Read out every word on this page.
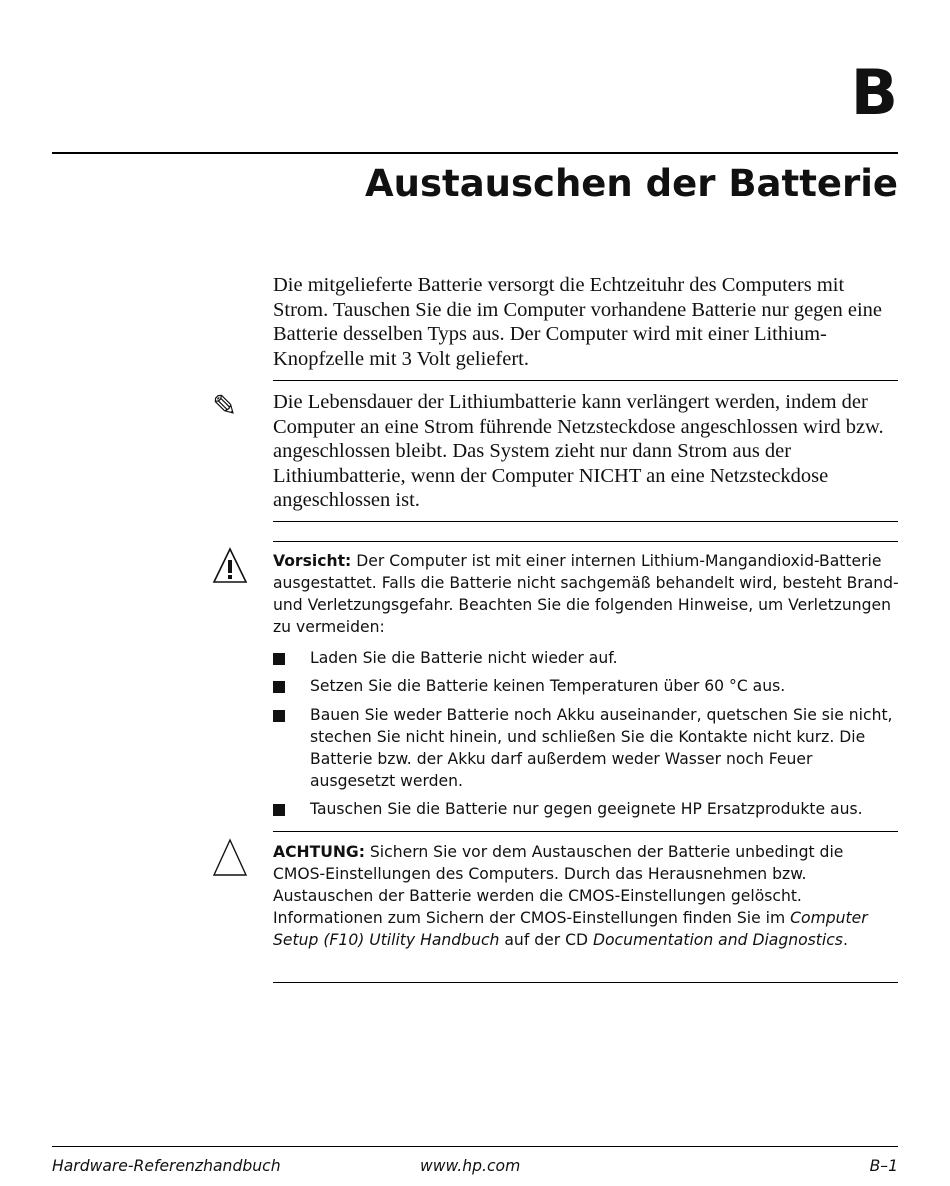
B
Austauschen der Batterie

Die mitgelieferte Batterie versorgt die Echtzeituhr des Computers mit Strom. Tauschen Sie die im Computer vorhandene Batterie nur gegen eine Batterie desselben Typs aus. Der Computer wird mit einer Lithium-Knopfzelle mit 3 Volt geliefert.

✎ Die Lebensdauer der Lithiumbatterie kann verlängert werden, indem der Computer an eine Strom führende Netzsteckdose angeschlossen wird bzw. angeschlossen bleibt. Das System zieht nur dann Strom aus der Lithiumbatterie, wenn der Computer NICHT an eine Netzsteckdose angeschlossen ist.

Vorsicht: Der Computer ist mit einer internen Lithium-Mangandioxid-Batterie ausgestattet. Falls die Batterie nicht sachgemäß behandelt wird, besteht Brand- und Verletzungsgefahr. Beachten Sie die folgenden Hinweise, um Verletzungen zu vermeiden:

Laden Sie die Batterie nicht wieder auf.
Setzen Sie die Batterie keinen Temperaturen über 60 °C aus.
Bauen Sie weder Batterie noch Akku auseinander, quetschen Sie sie nicht, stechen Sie nicht hinein, und schließen Sie die Kontakte nicht kurz. Die Batterie bzw. der Akku darf außerdem weder Wasser noch Feuer ausgesetzt werden.
Tauschen Sie die Batterie nur gegen geeignete HP Ersatzprodukte aus.

ACHTUNG: Sichern Sie vor dem Austauschen der Batterie unbedingt die CMOS-Einstellungen des Computers. Durch das Herausnehmen bzw. Austauschen der Batterie werden die CMOS-Einstellungen gelöscht. Informationen zum Sichern der CMOS-Einstellungen finden Sie im Computer Setup (F10) Utility Handbuch auf der CD Documentation and Diagnostics.

Hardware-Referenzhandbuch	www.hp.com	B–1
